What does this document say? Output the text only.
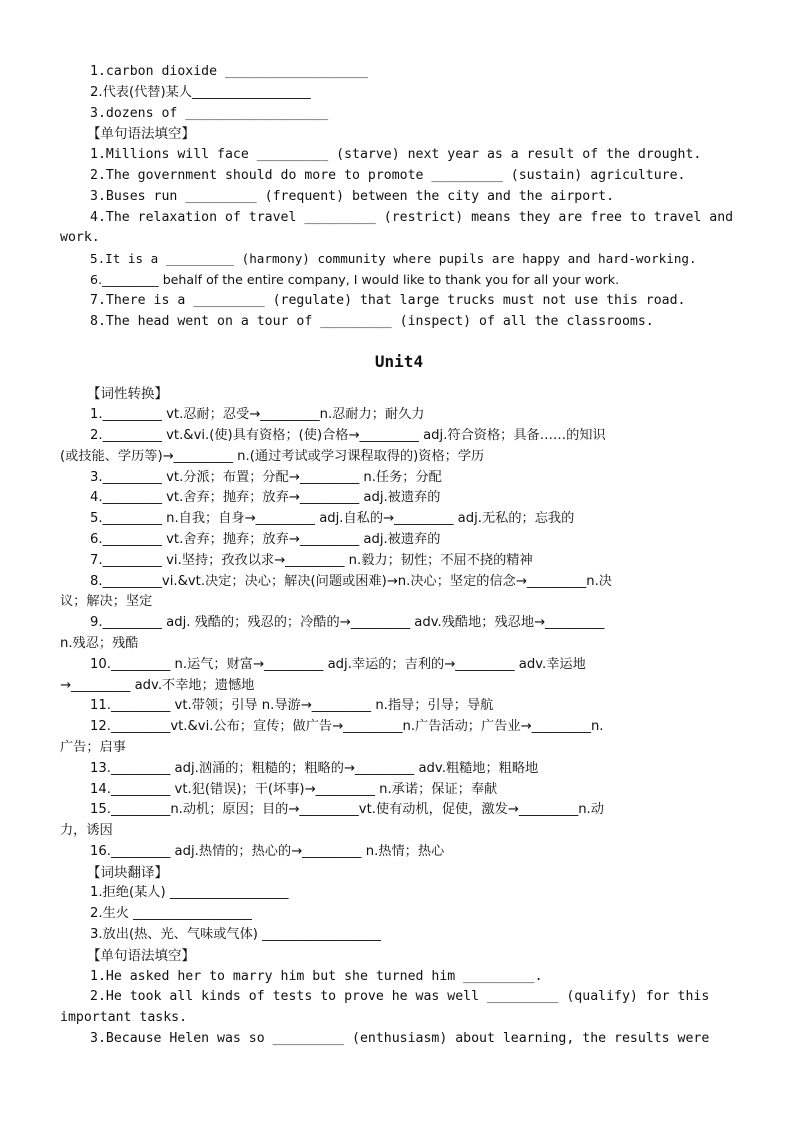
1.carbon dioxide __________________
2.代表(代替)某人__________________
3.dozens of __________________
【单句语法填空】
1.Millions will face _________ (starve) next year as a result of the drought.
2.The government should do more to promote _________ (sustain) agriculture.
3.Buses run _________ (frequent) between the city and the airport.
4.The relaxation of travel _________ (restrict) means they are free to travel and
work.
5.It is a _________ (harmony) community where pupils are happy and hard-working.
6._________ behalf of the entire company, I would like to thank you for all your work.
7.There is a _________ (regulate) that large trucks must not use this road.
8.The head went on a tour of _________ (inspect) of all the classrooms.
Unit4
【词性转换】
1._________ vt.忍耐；忍受→_________n.忍耐力；耐久力
2._________ vt.&vi.(使)具有资格；(使)合格→_________ adj.符合资格；具备……的知识
(或技能、学历等)→_________ n.(通过考试或学习课程取得的)资格；学历
3._________ vt.分派；布置；分配→_________ n.任务；分配
4._________ vt.舍弃；抛弃；放弃→_________ adj.被遗弃的
5._________ n.自我；自身→_________ adj.自私的→_________ adj.无私的；忘我的
6._________ vt.舍弃；抛弃；放弃→_________ adj.被遗弃的
7._________ vi.坚持；孜孜以求→_________ n.毅力；韧性；不屈不挠的精神
8._________vi.&vt.决定；决心；解决(问题或困难)→n.决心；坚定的信念→_________n.决
议；解决；坚定
9._________ adj. 残酷的；残忍的；冷酷的→_________ adv.残酷地；残忍地→_________
n.残忍；残酷
10._________ n.运气；财富→_________ adj.幸运的；吉利的→_________ adv.幸运地
→_________ adv.不幸地；遗憾地
11._________ vt.带领；引导 n.导游→_________ n.指导；引导；导航
12._________vt.&vi.公布；宣传；做广告→_________n.广告活动；广告业→_________n.
广告；启事
13._________ adj.汹涌的；粗糙的；粗略的→_________ adv.粗糙地；粗略地
14._________ vt.犯(错误)；干(坏事)→_________ n.承诺；保证；奉献
15._________n.动机；原因；目的→_________vt.使有动机，促使，激发→_________n.动
力，诱因
16._________ adj.热情的；热心的→_________ n.热情；热心
【词块翻译】
1.拒绝(某人) __________________
2.生火 __________________
3.放出(热、光、气味或气体) __________________
【单句语法填空】
1.He asked her to marry him but she turned him _________.
2.He took all kinds of tests to prove he was well _________ (qualify) for this
important tasks.
3.Because Helen was so _________ (enthusiasm) about learning, the results were
